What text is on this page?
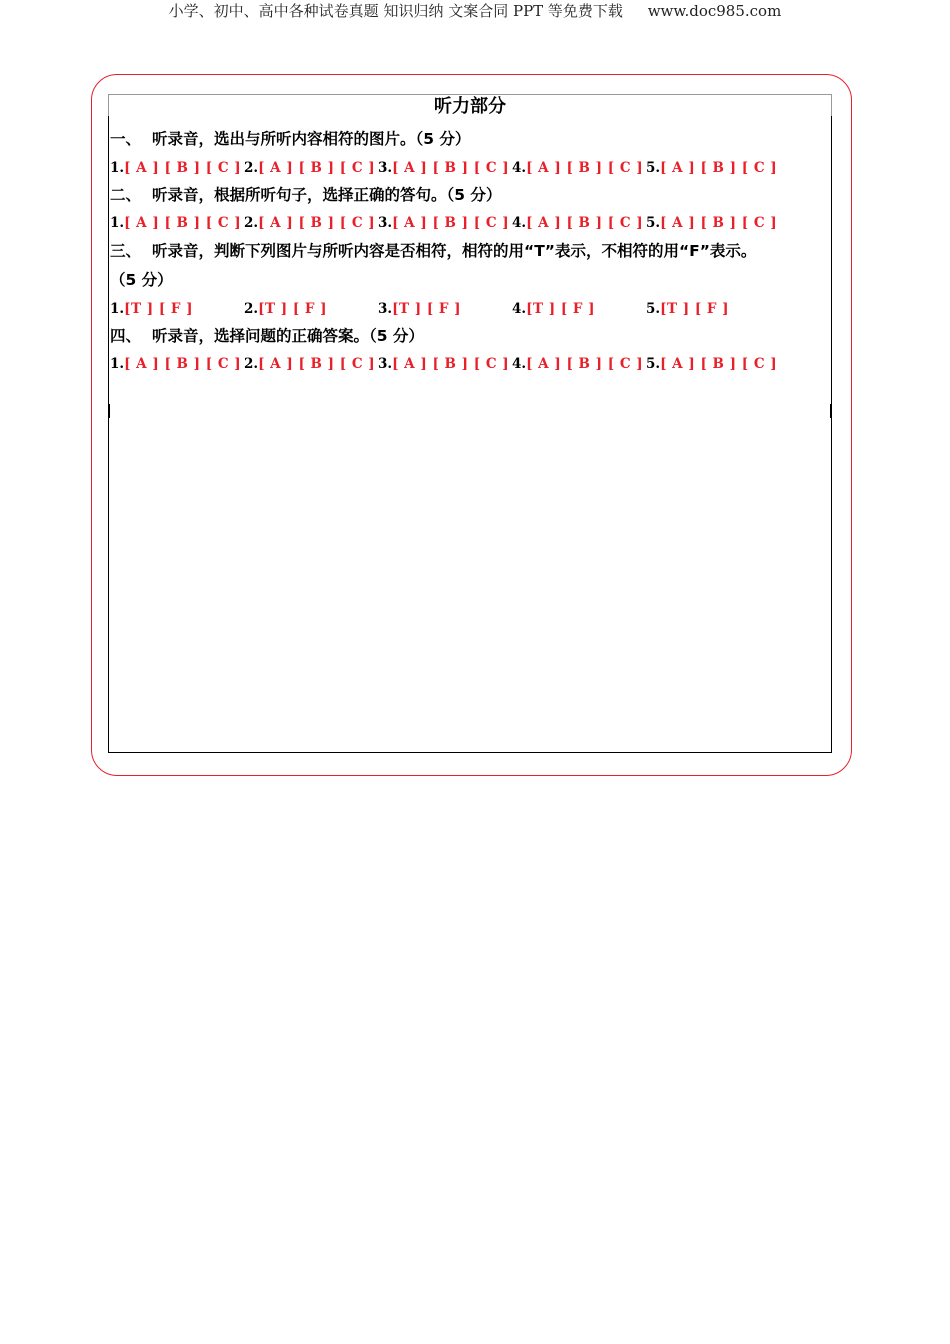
小学、初中、高中各种试卷真题 知识归纳 文案合同 PPT 等免费下载 www.doc985.com
听力部分
一、 听录音，选出与所听内容相符的图片。（5 分）
1.[ A ] [ B ] [ C ] 2.[ A ] [ B ] [ C ] 3.[ A ] [ B ] [ C ] 4.[ A ] [ B ] [ C ] 5.[ A ] [ B ] [ C ]
二、 听录音，根据所听句子，选择正确的答句。（5 分）
1.[ A ] [ B ] [ C ] 2.[ A ] [ B ] [ C ] 3.[ A ] [ B ] [ C ] 4.[ A ] [ B ] [ C ] 5.[ A ] [ B ] [ C ]
三、 听录音，判断下列图片与所听内容是否相符，相符的用“T”表示，不相符的用“F”表示。
（5 分）
1.[T ] [ F ]	2.[T ] [ F ]	3.[T ] [ F ]	4.[T ] [ F ]	5.[T ] [ F ]
四、 听录音，选择问题的正确答案。（5 分）
1.[ A ] [ B ] [ C ] 2.[ A ] [ B ] [ C ] 3.[ A ] [ B ] [ C ] 4.[ A ] [ B ] [ C ] 5.[ A ] [ B ] [ C ]
